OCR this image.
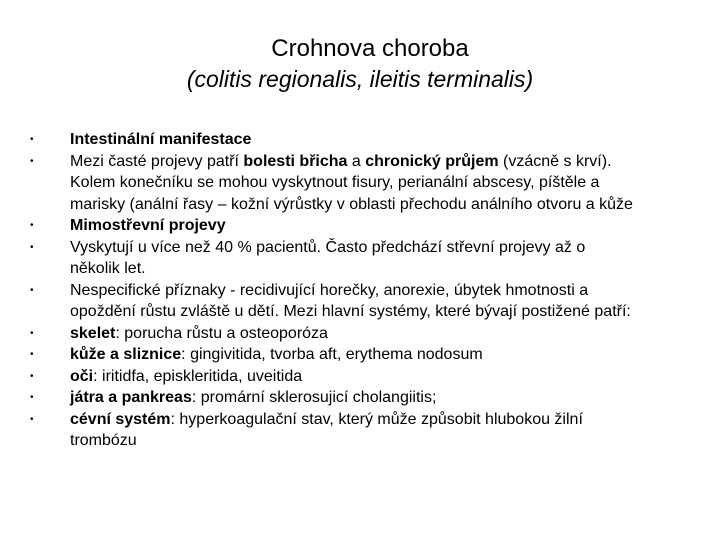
Crohnova choroba
(colitis regionalis, ileitis terminalis)
•	Intestinální manifestace
•	Mezi časté projevy patří bolesti břicha a chronický průjem (vzácně s krví).
Kolem konečníku se mohou vyskytnout fisury, perianální abscesy, píštěle a
marisky (anální řasy – kožní výrůstky v oblasti přechodu análního otvoru a kůže
•	Mimostřevní projevy
•	Vyskytují u více než 40 % pacientů. Často předchází střevní projevy až o
několik let.
•	Nespecifické příznaky - recidivující horečky, anorexie, úbytek hmotnosti a
opoždění růstu zvláště u dětí. Mezi hlavní systémy, které bývají postižené patří:
•	skelet: porucha růstu a osteoporóza
•	kůže a sliznice: gingivitida, tvorba aft, erythema nodosum
•	oči: iritidfa, episkleritida, uveitida
•	játra a pankreas: promární sklerosujicí cholangiitis;
•	cévní systém: hyperkoagulační stav, který může způsobit hlubokou žilní
trombózu
